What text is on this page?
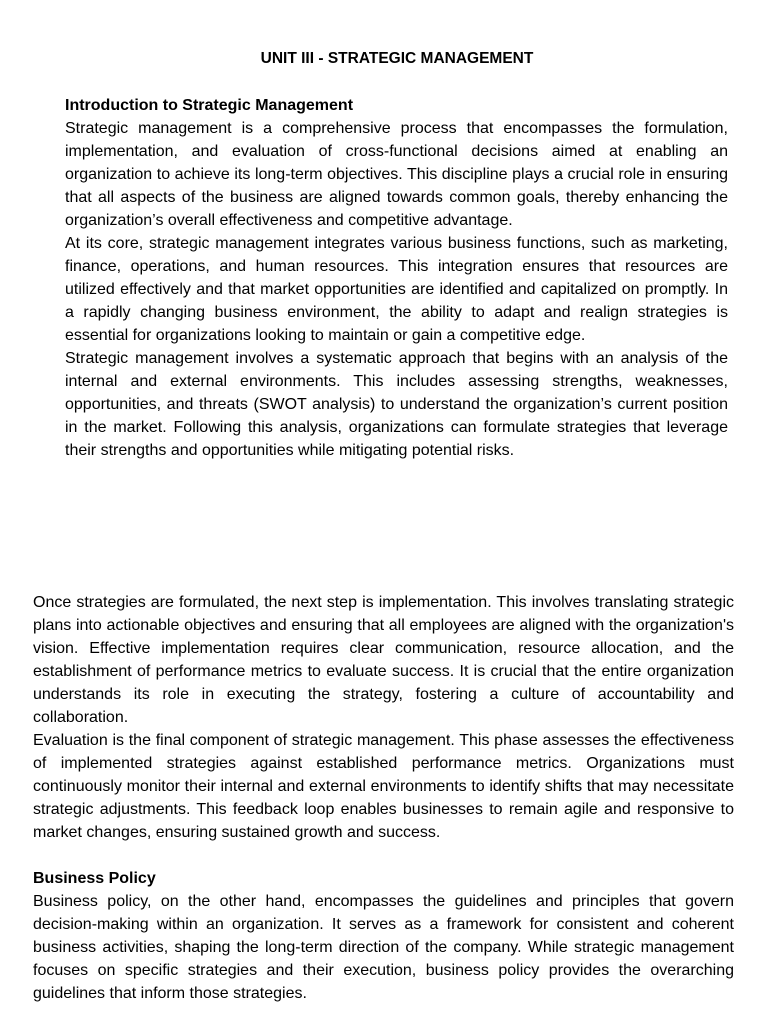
UNIT III - STRATEGIC MANAGEMENT

Introduction to Strategic Management

Strategic management is a comprehensive process that encompasses the formulation, implementation, and evaluation of cross-functional decisions aimed at enabling an organization to achieve its long-term objectives. This discipline plays a crucial role in ensuring that all aspects of the business are aligned towards common goals, thereby enhancing the organization’s overall effectiveness and competitive advantage.

At its core, strategic management integrates various business functions, such as marketing, finance, operations, and human resources. This integration ensures that resources are utilized effectively and that market opportunities are identified and capitalized on promptly. In a rapidly changing business environment, the ability to adapt and realign strategies is essential for organizations looking to maintain or gain a competitive edge.

Strategic management involves a systematic approach that begins with an analysis of the internal and external environments. This includes assessing strengths, weaknesses, opportunities, and threats (SWOT analysis) to understand the organization’s current position in the market. Following this analysis, organizations can formulate strategies that leverage their strengths and opportunities while mitigating potential risks.

Once strategies are formulated, the next step is implementation. This involves translating strategic plans into actionable objectives and ensuring that all employees are aligned with the organization's vision. Effective implementation requires clear communication, resource allocation, and the establishment of performance metrics to evaluate success. It is crucial that the entire organization understands its role in executing the strategy, fostering a culture of accountability and collaboration.

Evaluation is the final component of strategic management. This phase assesses the effectiveness of implemented strategies against established performance metrics. Organizations must continuously monitor their internal and external environments to identify shifts that may necessitate strategic adjustments. This feedback loop enables businesses to remain agile and responsive to market changes, ensuring sustained growth and success.

Business Policy

Business policy, on the other hand, encompasses the guidelines and principles that govern decision-making within an organization. It serves as a framework for consistent and coherent business activities, shaping the long-term direction of the company. While strategic management focuses on specific strategies and their execution, business policy provides the overarching guidelines that inform those strategies.
